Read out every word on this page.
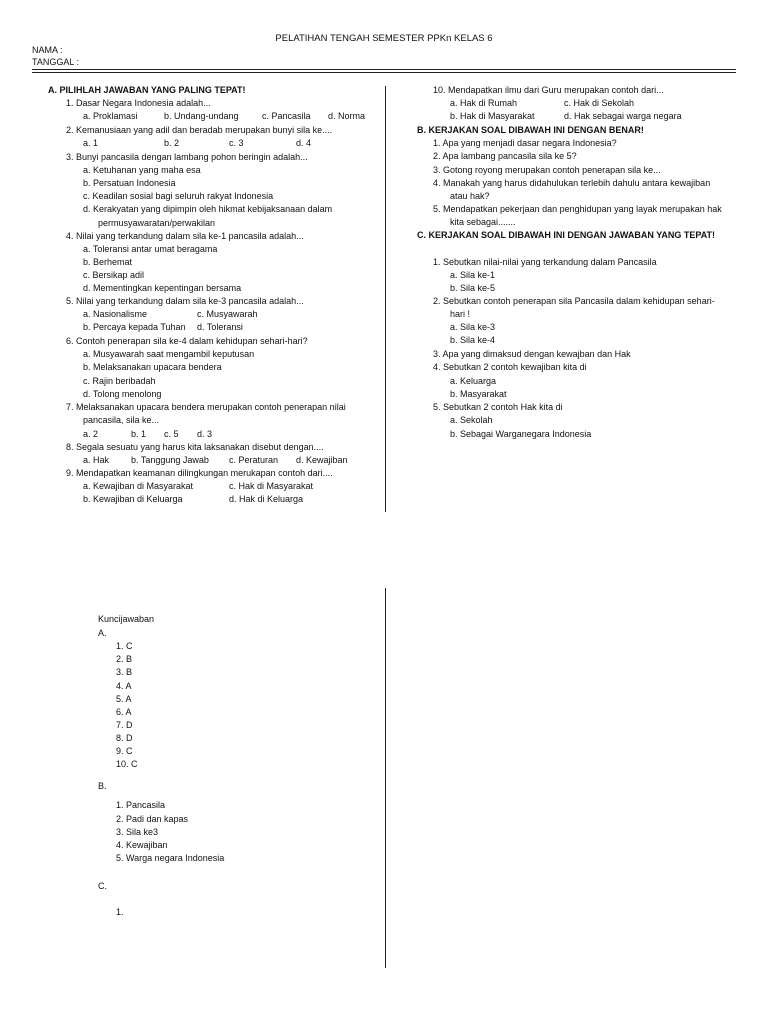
PELATIHAN TENGAH SEMESTER PPKn KELAS 6
NAMA :
TANGGAL :
A. PILIHLAH JAWABAN YANG PALING TEPAT!
1. Dasar Negara Indonesia adalah...
a. Proklamasi	b. Undang-undang	c. Pancasila d. Norma
2. Kemanusiaan yang adil dan beradab merupakan bunyi sila ke....
a. 1	b. 2	c. 3	d. 4
3. Bunyi pancasila dengan lambang pohon beringin adalah...
a. Ketuhanan yang maha esa
b. Persatuan Indonesia
c. Keadilan sosial bagi seluruh rakyat Indonesia
d. Kerakyatan yang dipimpin oleh hikmat kebijaksanaan dalam
permusyawaratan/perwakilan
4. Nilai yang terkandung dalam sila ke-1 pancasila adalah...
a. Toleransi antar umat beragama
b. Berhemat
c. Bersikap adil
d. Mementingkan kepentingan bersama
5. Nilai yang terkandung dalam sila ke-3 pancasila adalah...
a. Nasionalisme	c. Musyawarah
b. Percaya kepada Tuhan d. Toleransi
6. Contoh penerapan sila ke-4 dalam kehidupan sehari-hari?
a. Musyawarah saat mengambil keputusan
b. Melaksanakan upacara bendera
c. Rajin beribadah
d. Tolong menolong
7. Melaksanakan upacara bendera merupakan contoh penerapan nilai
pancasila, sila ke...
a. 2	b. 1 c. 5 d. 3
8. Segala sesuatu yang harus kita laksanakan disebut dengan....
a. Hak b. Tanggung Jawab c. Peraturan d. Kewajiban
9. Mendapatkan keamanan dilingkungan merukapan contoh dari....
a. Kewajiban di Masyarakat	c. Hak di Masyarakat
b. Kewajiban di Keluarga	d. Hak di Keluarga
10. Mendapatkan ilmu dari Guru merupakan contoh dari...
a. Hak di Rumah	c. Hak di Sekolah
b. Hak di Masyarakat	d. Hak sebagai warga negara
B. KERJAKAN SOAL DIBAWAH INI DENGAN BENAR!
1. Apa yang menjadi dasar negara Indonesia?
2. Apa lambang pancasila sila ke 5?
3. Gotong royong merupakan contoh penerapan sila ke...
4. Manakah yang harus didahulukan terlebih dahulu antara kewajiban
atau hak?
5. Mendapatkan pekerjaan dan penghidupan yang layak merupakan hak
kita sebagai.......
C. KERJAKAN SOAL DIBAWAH INI DENGAN JAWABAN YANG TEPAT!
1. Sebutkan nilai-nilai yang terkandung dalam Pancasila
a. Sila ke-1
b. Sila ke-5
2. Sebutkan contoh penerapan sila Pancasila dalam kehidupan sehari-
hari !
a. Sila ke-3
b. Sila ke-4
3. Apa yang dimaksud dengan kewajban dan Hak
4. Sebutkan 2 contoh kewajiban kita di
a. Keluarga
b. Masyarakat
5. Sebutkan 2 contoh Hak kita di
a. Sekolah
b. Sebagai Warganegara Indonesia
Kuncijawaban
A.
1. C
2. B
3. B
4. A
5. A
6. A
7. D
8. D
9. C
10. C
B.
1. Pancasila
2. Padi dan kapas
3. Sila ke3
4. Kewajiban
5. Warga negara Indonesia
C.
1.
